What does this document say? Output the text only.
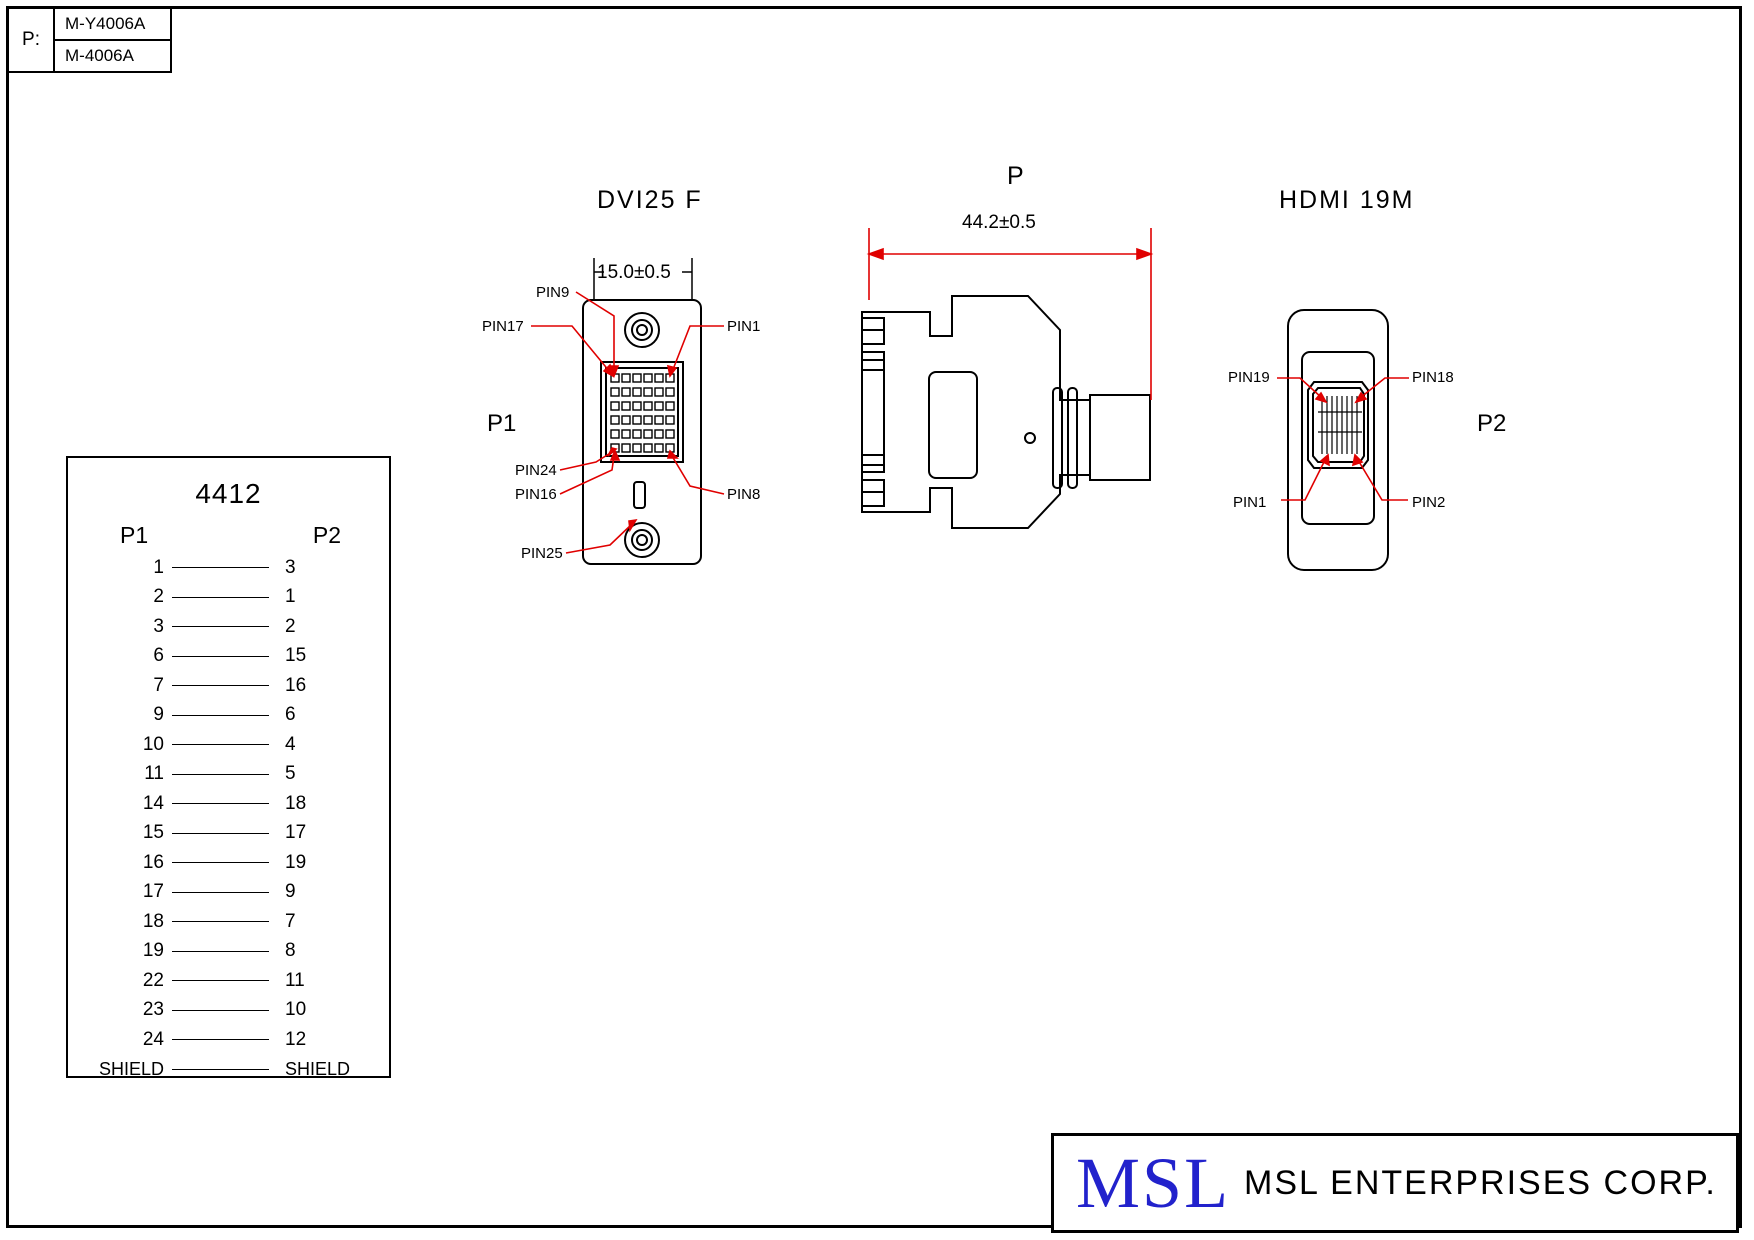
P:
M-Y4006A
M-4006A
DVI25 F
P
HDMI 19M
P1	P2
15.0±0.5
44.2±0.5
PIN9
PIN17	PIN1
PIN24
PIN16	PIN8
PIN25
PIN19	PIN18
PIN1	PIN2
4412
P1	P2
1	3
2	1
3	2
6	15
7	16
9	6
10	4
11	5
14	18
15	17
16	19
17	9
18	7
19	8
22	11
23	10
24	12
SHIELD	SHIELD
MSL MSL ENTERPRISES CORP.
